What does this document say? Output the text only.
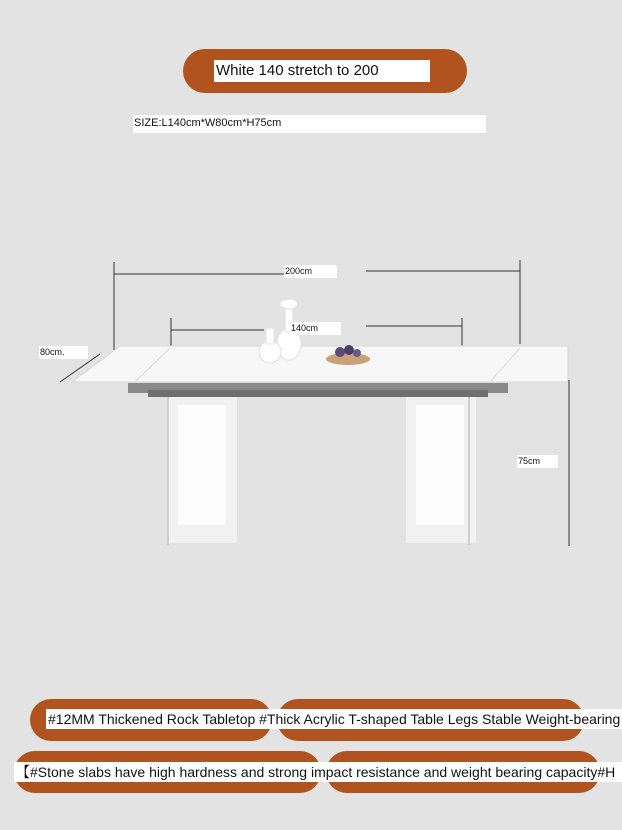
White 140 stretch to 200
SIZE:L140cm*W80cm*H75cm
200cm
140cm
80cm.
75cm
#12MM Thickened Rock Tabletop #Thick Acrylic T-shaped Table Legs Stable Weight-bearing
【#Stone slabs have high hardness and strong impact resistance and weight bearing capacity#H
